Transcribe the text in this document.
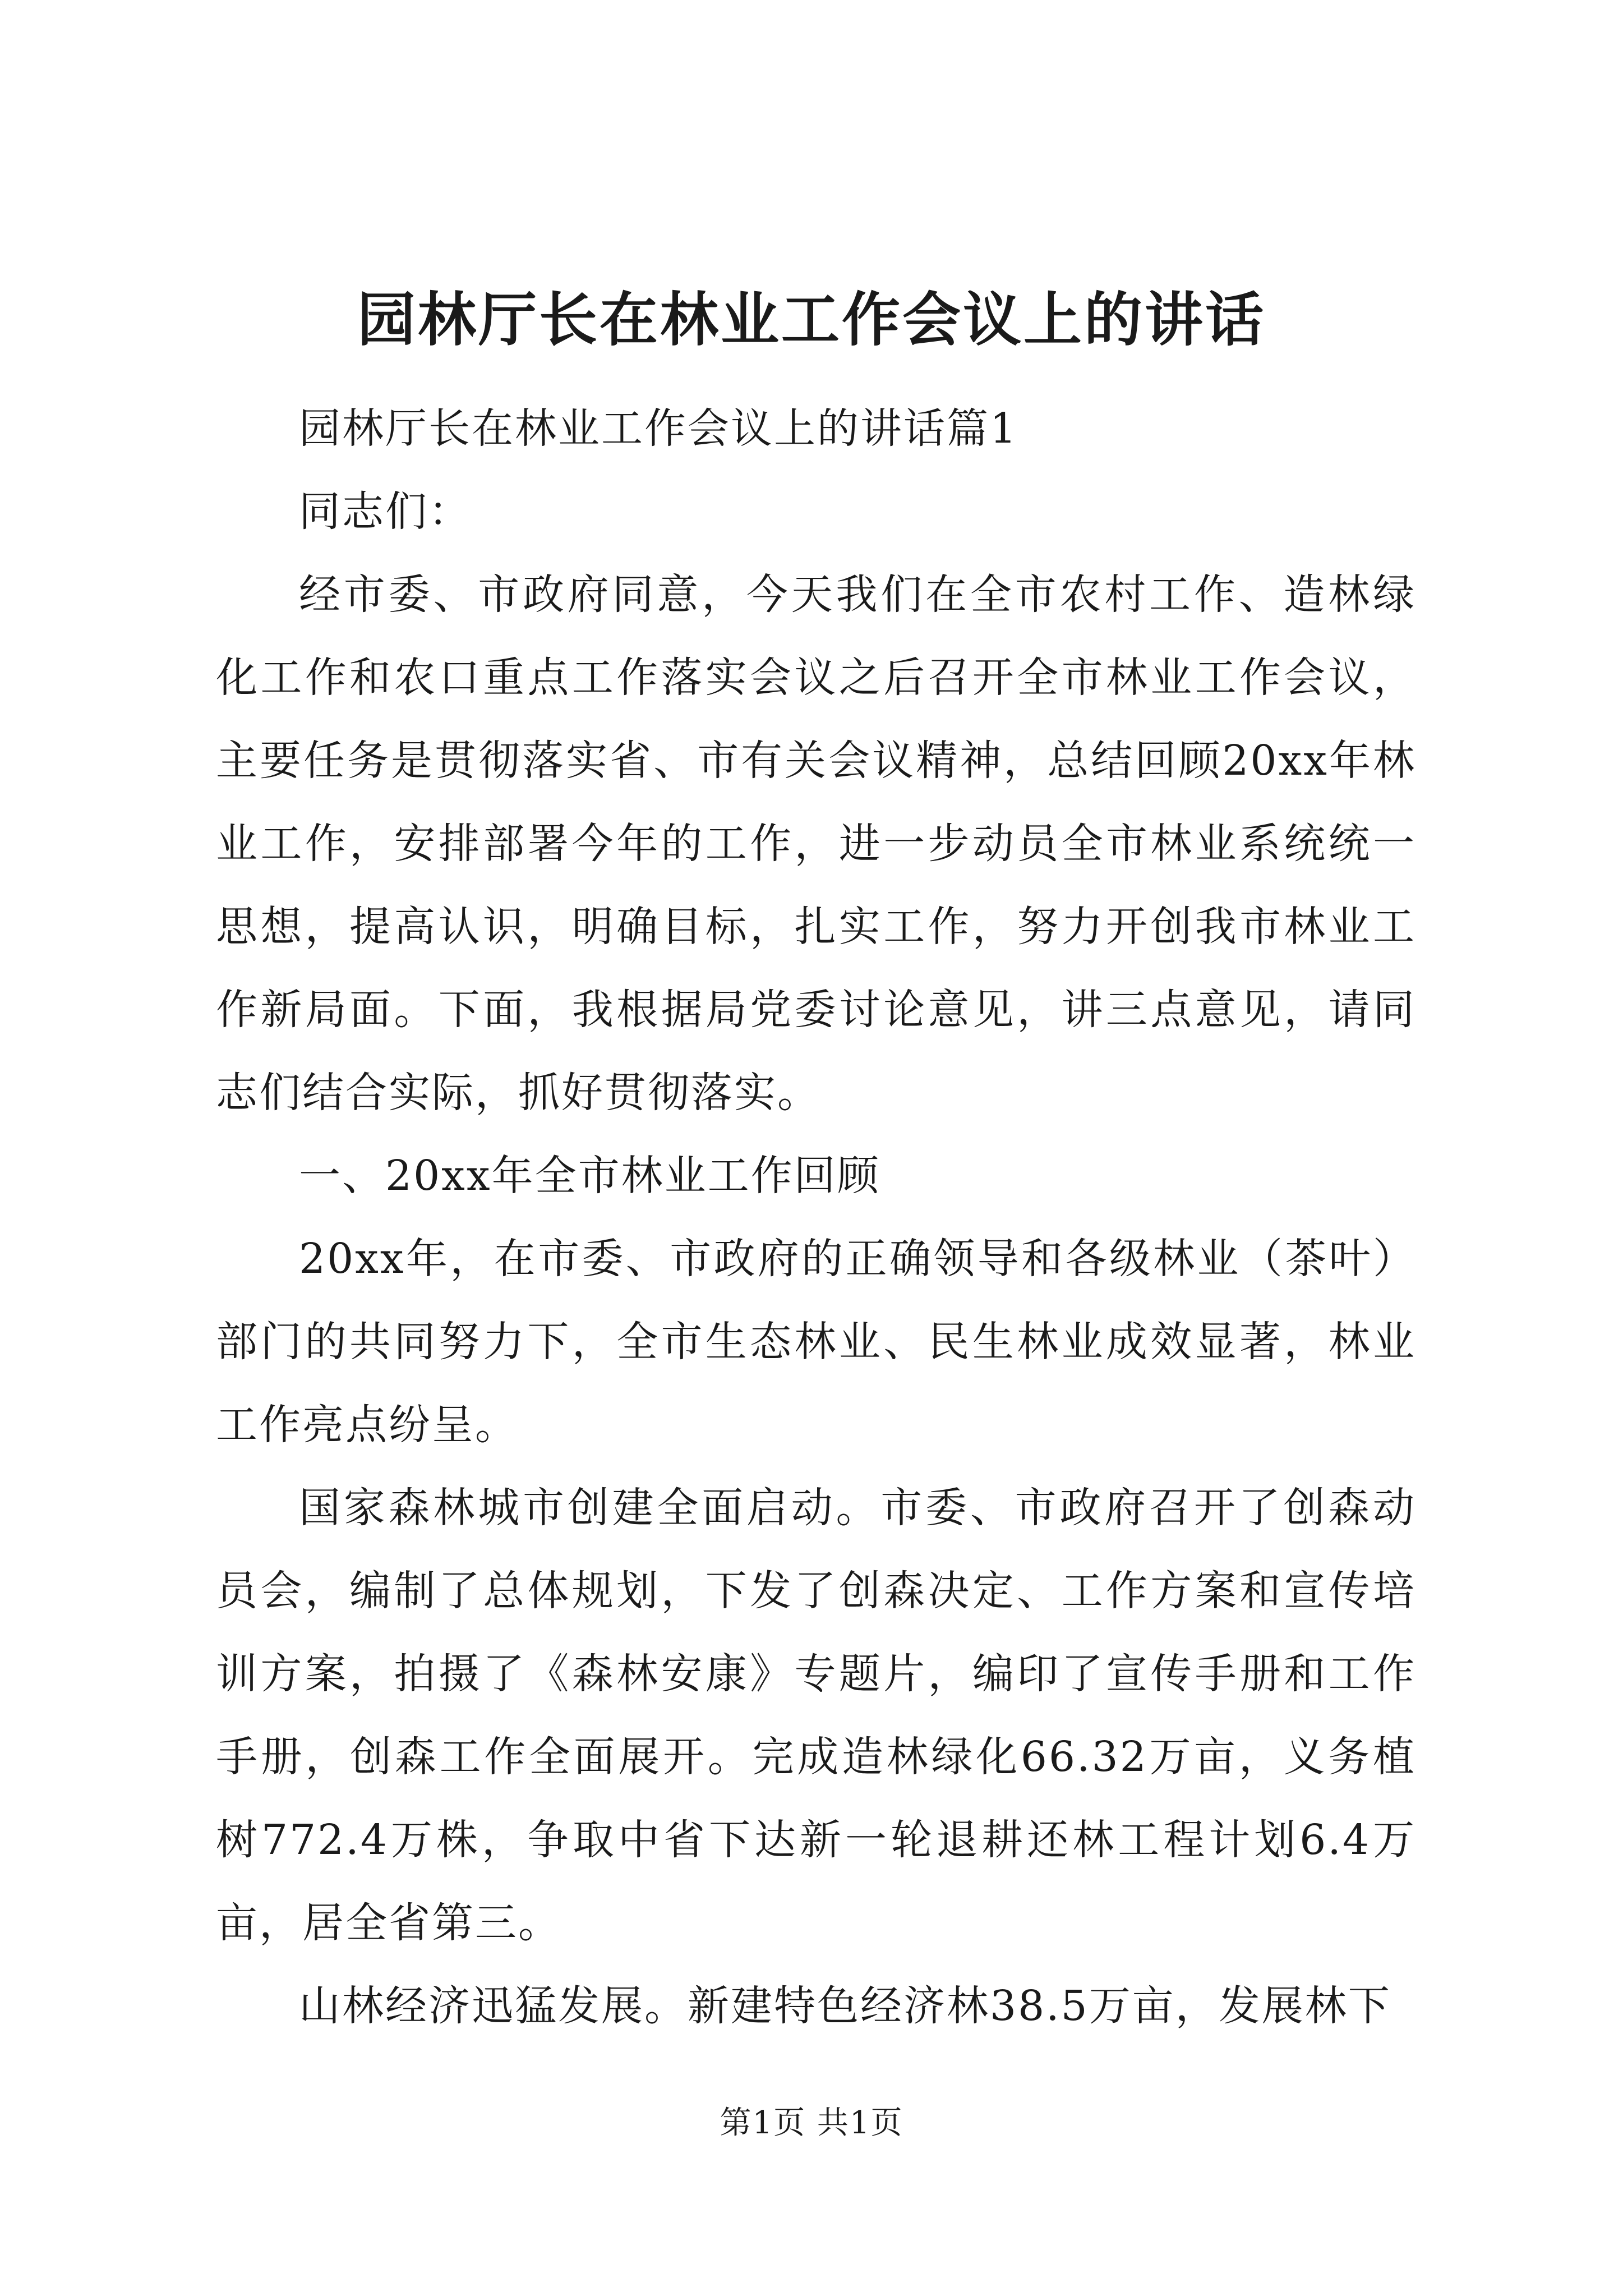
园林厅长在林业工作会议上的讲话

园林厅长在林业工作会议上的讲话篇1

同志们：

经市委、市政府同意，今天我们在全市农村工作、造林绿化工作和农口重点工作落实会议之后召开全市林业工作会议，主要任务是贯彻落实省、市有关会议精神，总结回顾20xx年林业工作，安排部署今年的工作，进一步动员全市林业系统统一思想，提高认识，明确目标，扎实工作，努力开创我市林业工作新局面。下面，我根据局党委讨论意见，讲三点意见，请同志们结合实际，抓好贯彻落实。

一、20xx年全市林业工作回顾

20xx年，在市委、市政府的正确领导和各级林业（茶叶）部门的共同努力下，全市生态林业、民生林业成效显著，林业工作亮点纷呈。

国家森林城市创建全面启动。市委、市政府召开了创森动员会，编制了总体规划，下发了创森决定、工作方案和宣传培训方案，拍摄了《森林安康》专题片，编印了宣传手册和工作手册，创森工作全面展开。完成造林绿化66.32万亩，义务植树772.4万株，争取中省下达新一轮退耕还林工程计划6.4万亩，居全省第三。

山林经济迅猛发展。新建特色经济林38.5万亩，发展林下

第1页 共1页
